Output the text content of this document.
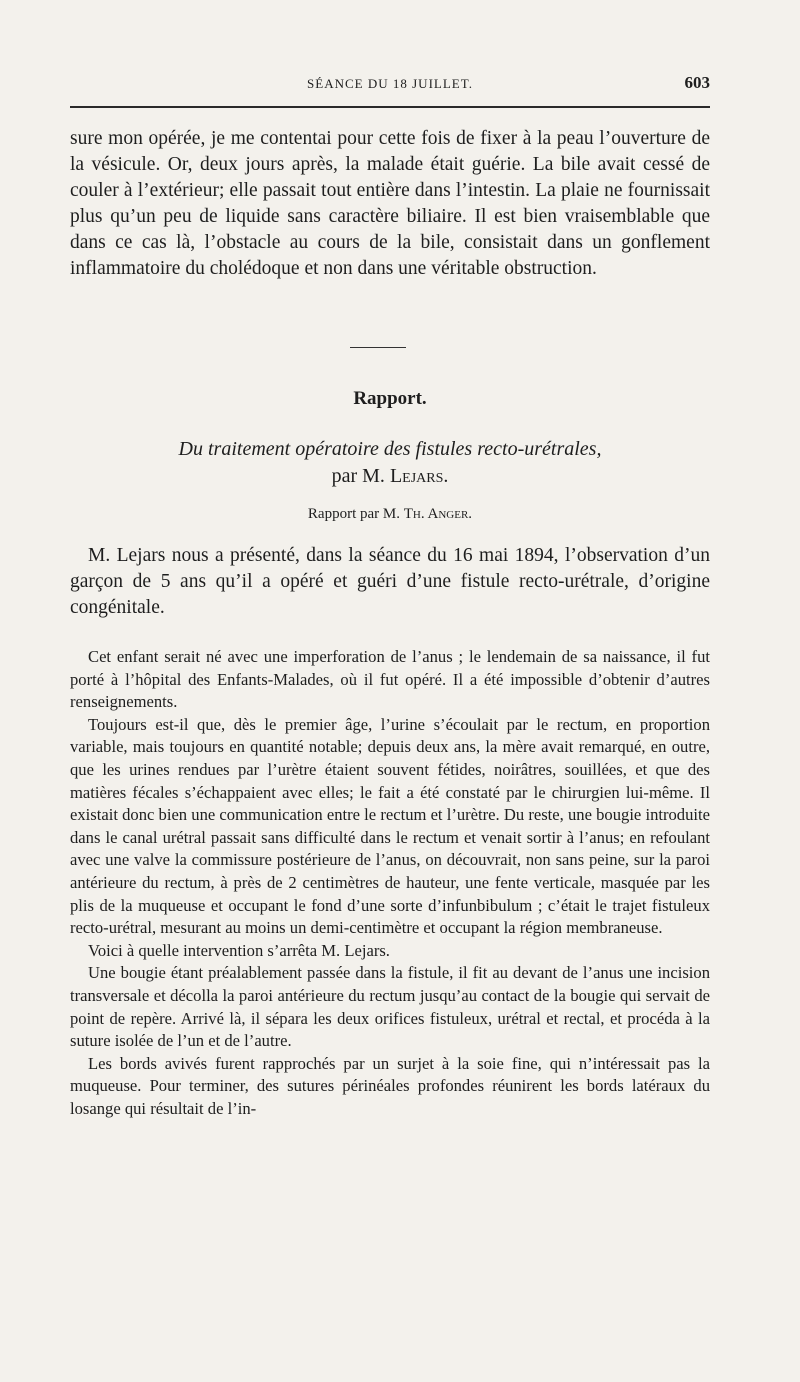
SÉANCE DU 18 JUILLET.	603

sure mon opérée, je me contentai pour cette fois de fixer à la peau l’ouverture de la vésicule. Or, deux jours après, la malade était guérie. La bile avait cessé de couler à l’extérieur; elle passait tout entière dans l’intestin. La plaie ne fournissait plus qu’un peu de liquide sans caractère biliaire. Il est bien vraisemblable que dans ce cas là, l’obstacle au cours de la bile, consistait dans un gonflement inflammatoire du cholédoque et non dans une véritable obstruction.

Rapport.
Du traitement opératoire des fistules recto-urétrales,
par M. Lejars.
Rapport par M. Th. Anger.

M. Lejars nous a présenté, dans la séance du 16 mai 1894, l’observation d’un garçon de 5 ans qu’il a opéré et guéri d’une fistule recto-urétrale, d’origine congénitale.

Cet enfant serait né avec une imperforation de l’anus ; le lendemain de sa naissance, il fut porté à l’hôpital des Enfants-Malades, où il fut opéré. Il a été impossible d’obtenir d’autres renseignements.

Toujours est-il que, dès le premier âge, l’urine s’écoulait par le rectum, en proportion variable, mais toujours en quantité notable; depuis deux ans, la mère avait remarqué, en outre, que les urines rendues par l’urètre étaient souvent fétides, noirâtres, souillées, et que des matières fécales s’échappaient avec elles; le fait a été constaté par le chirurgien lui-même. Il existait donc bien une communication entre le rectum et l’urètre. Du reste, une bougie introduite dans le canal urétral passait sans difficulté dans le rectum et venait sortir à l’anus; en refoulant avec une valve la commissure postérieure de l’anus, on découvrait, non sans peine, sur la paroi antérieure du rectum, à près de 2 centimètres de hauteur, une fente verticale, masquée par les plis de la muqueuse et occupant le fond d’une sorte d’infunbibulum ; c’était le trajet fistuleux recto-urétral, mesurant au moins un demi-centimètre et occupant la région membraneuse.

Voici à quelle intervention s’arrêta M. Lejars.

Une bougie étant préalablement passée dans la fistule, il fit au devant de l’anus une incision transversale et décolla la paroi antérieure du rectum jusqu’au contact de la bougie qui servait de point de repère. Arrivé là, il sépara les deux orifices fistuleux, urétral et rectal, et procéda à la suture isolée de l’un et de l’autre.

Les bords avivés furent rapprochés par un surjet à la soie fine, qui n’intéressait pas la muqueuse. Pour terminer, des sutures périnéales profondes réunirent les bords latéraux du losange qui résultait de l’in-
